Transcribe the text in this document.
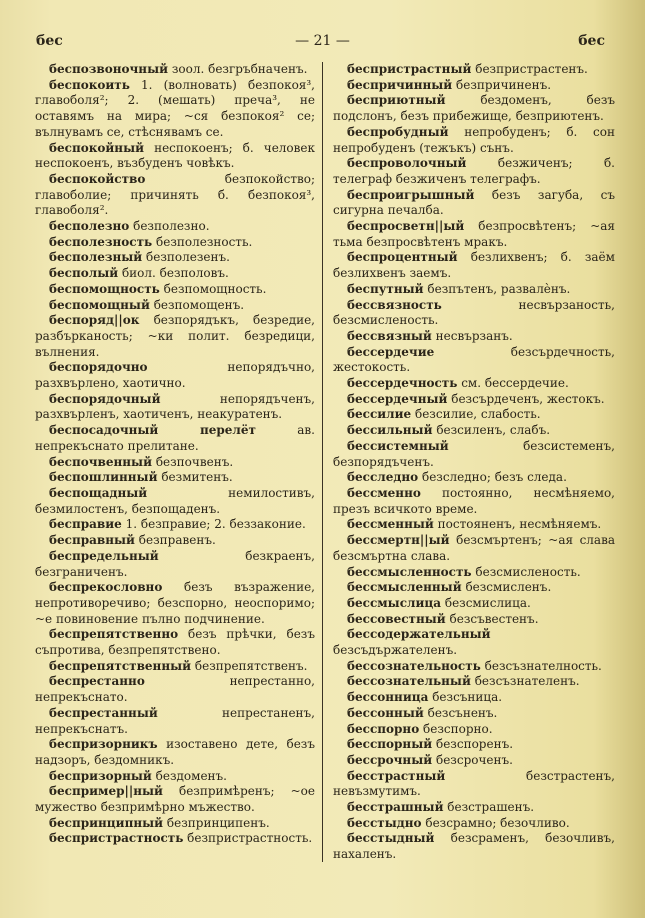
бес	— 21 —	бес

беспозвоночный зоол. безгръбначенъ.

беспокоить 1. (волновать) безпокоя³, главоболя²; 2. (мешать) преча³, не оставямъ на мира; ~ся безпокоя² се; вълнувамъ се, стѣснявамъ се.

беспокойный неспокоенъ; б. человек неспокоенъ, възбуденъ човѣкъ.

беспокойство	безпокойство; главоболие; причинять б. безпокоя³, главоболя².

бесполезно безполезно.

бесполезность безполезность.

бесполезный безполезенъ.

бесполый биол. безполовъ.

беспомощность безпомощность.

беспомощный безпомощенъ.

беспоряд||ок безпорядъкъ, безредие, разбърканость; ~ки полит. безредици, вълнения.

беспорядочно	непорядъчно, разхвърлено, хаотично.

беспорядочный	непорядъченъ, разхвърленъ, хаотиченъ, неакуратенъ.

беспосадочный перелёт	ав. непрекъснато прелитане.

беспочвенный безпочвенъ.

беспошлинный безмитенъ.

беспощадный	немилостивъ, безмилостенъ, безпощаденъ.

бесправие 1. безправие; 2. беззаконие.

бесправный безправенъ.

беспредельный	безкраенъ, безграниченъ.

беспрекословно безъ възражение, непротиворечиво; безспорно, неоспоримо; ~е повиновение пълно подчинение.

беспрепятственно безъ прѣчки, безъ съпротива, безпрепятствено.

беспрепятственный безпрепятственъ.

беспрестанно	непрестанно, непрекъснато.

беспрестанный	непрестаненъ, непрекъснатъ.

беспризорникъ изоставено дете, безъ надзоръ, бездомникъ.

беспризорный бездоменъ.

беспример||ный безпримѣренъ; ~ое мужество безпримѣрно мъжество.

беспринципный безпринципенъ.

беспристрастность безпристрастность.

беспристрастный безпристрастенъ.

беспричинный безпричиненъ.

бесприютный	бездоменъ, безъ подслонъ, безъ прибежище, безприютенъ.

беспробудный непробуденъ; б. сон непробуденъ (тежъкъ) сънъ.

беспроволочный	безжиченъ; б. телеграф безжиченъ телеграфъ.

беспроигрышный безъ загуба, съ сигурна печалба.

беспросветн||ый безпросвѣтенъ; ~ая тьма безпросвѣтенъ мракъ.

беспроцентный безлихвенъ; б. заём безлихвенъ заемъ.

беспутный безпътенъ, развалѐнъ.

бессвязность	несвързаность, безсмисленость.

бессвязный несвързанъ.

бессердечие	безсърдечность, жестокость.

бессердечность см. бессердечие.

бессердечный безсърдеченъ, жестокъ.

бессилие безсилие, слабость.

бессильный безсиленъ, слабъ.

бессистемный	безсистеменъ, безпорядъченъ.

бесследно безследно; безъ следа.

бессменно постоянно, несмѣняемо, презъ всичкото време.

бессменный постояненъ, несмѣняемъ.

бессмертн||ый безсмъртенъ; ~ая слава безсмъртна слава.

бессмысленность безсмисленость.

бессмысленный безсмисленъ.

бессмыслица безсмислица.

бессовестный безсъвестенъ.

бессодержательный безсъдържателенъ.

бессознательность безсъзнателность.

бессознательный безсъзнателенъ.

бессонница безсъница.

бессонный безсъненъ.

бесспорно безспорно.

бесспорный безспоренъ.

бессрочный безсроченъ.

бесстрастный	безстрастенъ, невъзмутимъ.

бесстрашный безстрашенъ.

бесстыдно безсрамно; безочливо.

бесстыдный безсраменъ, безочливъ, нахаленъ.
